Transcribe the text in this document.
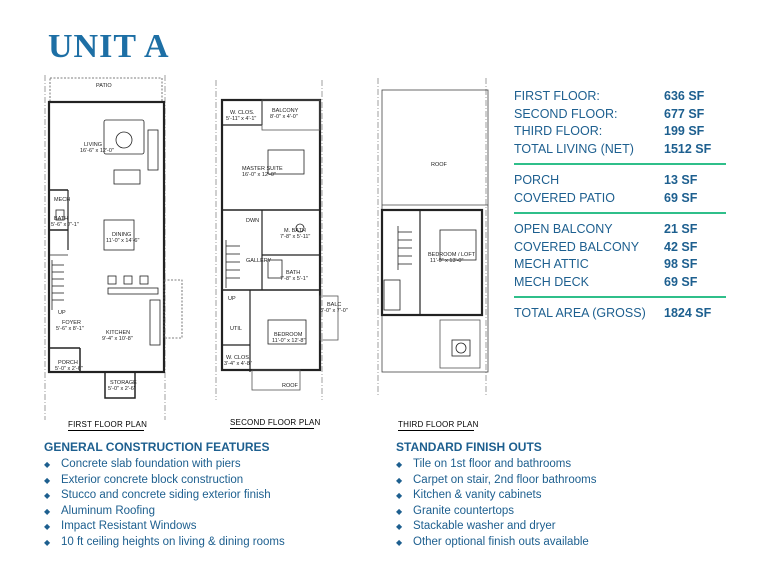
UNIT A
PATIO
LIVING
16'-6" x 12'-0"
MECH
BATH
5'-6" x 7'-1"
DINING
11'-0" x 14'-6"
UP
FOYER
5'-6" x 8'-1"
KITCHEN
9'-4" x 10'-8"
PORCH
5'-0" x 2'-6"
STORAGE
5'-0" x 2'-6"
W. CLOS.
5'-11" x 4'-1"
BALCONY
8'-0" x 4'-0"
MASTER SUITE
16'-0" x 12'-0"
DWN
M. BATH
7'-8" x 5'-11"
GALLERY
BATH
7'-8" x 5'-1"
UP
BALC
3'-0" x 7'-0"
UTIL
BEDROOM
11'-0" x 12'-8"
W. CLOS.
3'-4" x 4'-8"
ROOF
ROOF
BEDROOM / LOFT
11'-0" x 13'-0"
FIRST FLOOR PLAN	SECOND FLOOR PLAN	THIRD FLOOR PLAN
FIRST FLOOR:	636 SF
SECOND FLOOR:	677 SF
THIRD FLOOR:	199 SF
TOTAL LIVING (NET) 1512 SF
PORCH	13 SF
COVERED PATIO	69 SF
OPEN BALCONY	21 SF
COVERED BALCONY 42 SF
MECH ATTIC	98 SF
MECH DECK	69 SF
TOTAL AREA (GROSS) 1824 SF
GENERAL CONSTRUCTION FEATURES
◆ Concrete slab foundation with piers
◆ Exterior concrete block construction
◆ Stucco and concrete siding exterior finish
◆ Aluminum Roofing
◆ Impact Resistant Windows
◆ 10 ft ceiling heights on living & dining rooms
STANDARD FINISH OUTS
◆ Tile on 1st floor and bathrooms
◆ Carpet on stair, 2nd floor bathrooms
◆ Kitchen & vanity cabinets
◆ Granite countertops
◆ Stackable washer and dryer
◆ Other optional finish outs available
